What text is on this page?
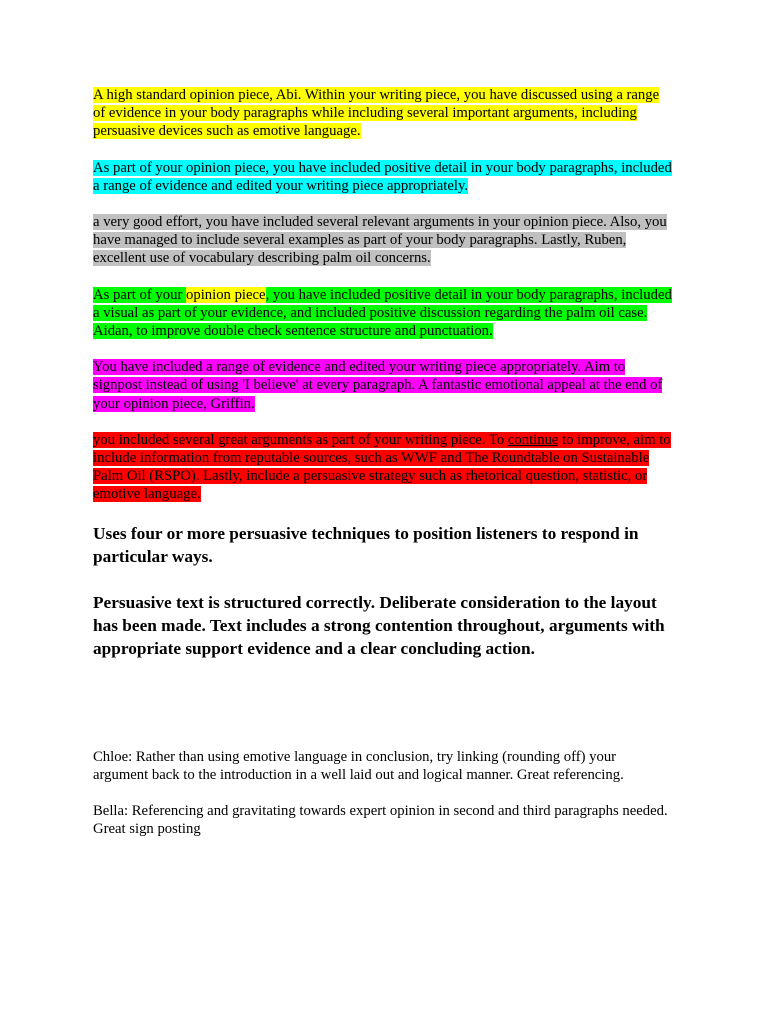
A high standard opinion piece, Abi. Within your writing piece, you have discussed using a range of evidence in your body paragraphs while including several important arguments, including persuasive devices such as emotive language.

As part of your opinion piece, you have included positive detail in your body paragraphs, included a range of evidence and edited your writing piece appropriately.

a very good effort, you have included several relevant arguments in your opinion piece. Also, you have managed to include several examples as part of your body paragraphs. Lastly, Ruben, excellent use of vocabulary describing palm oil concerns.

As part of your opinion piece, you have included positive detail in your body paragraphs, included a visual as part of your evidence, and included positive discussion regarding the palm oil case. Aidan, to improve double check sentence structure and punctuation.

You have included a range of evidence and edited your writing piece appropriately. Aim to signpost instead of using 'I believe' at every paragraph. A fantastic emotional appeal at the end of your opinion piece, Griffin.

you included several great arguments as part of your writing piece. To continue to improve, aim to include information from reputable sources, such as WWF and The Roundtable on Sustainable Palm Oil (RSPO). Lastly, include a persuasive strategy such as rhetorical question, statistic, or emotive language.

Uses four or more persuasive techniques to position listeners to respond in particular ways.

Persuasive text is structured correctly. Deliberate consideration to the layout has been made. Text includes a strong contention throughout, arguments with appropriate support evidence and a clear concluding action.

Chloe: Rather than using emotive language in conclusion, try linking (rounding off) your argument back to the introduction in a well laid out and logical manner. Great referencing.

Bella: Referencing and gravitating towards expert opinion in second and third paragraphs needed. Great sign posting
